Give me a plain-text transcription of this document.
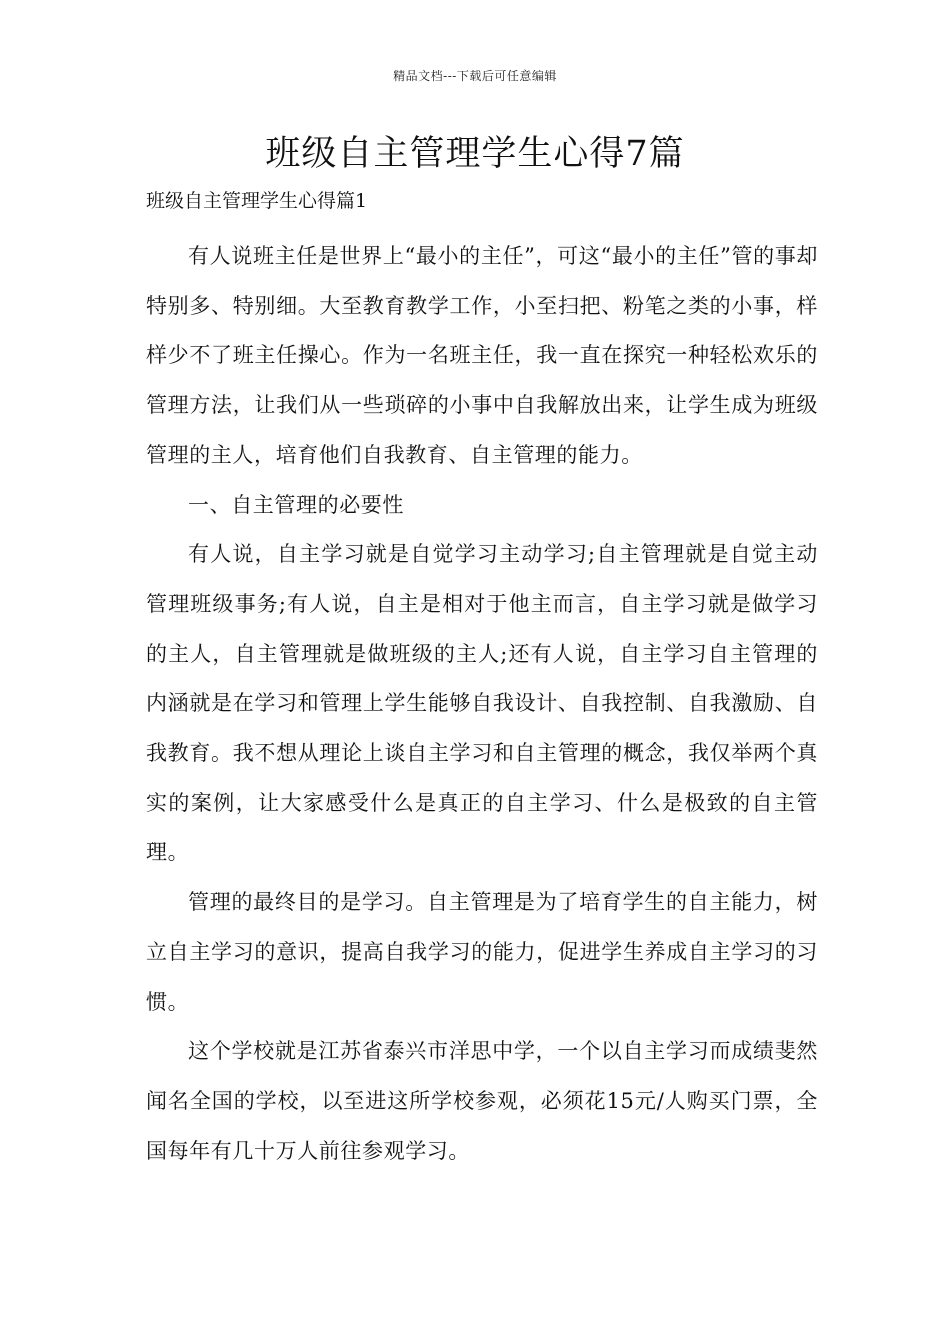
精品文档---下载后可任意编辑
班级自主管理学生心得7篇

班级自主管理学生心得篇1

有人说班主任是世界上“最小的主任”，可这“最小的主任”管的事却特别多、特别细。大至教育教学工作，小至扫把、粉笔之类的小事，样样少不了班主任操心。作为一名班主任，我一直在探究一种轻松欢乐的管理方法，让我们从一些琐碎的小事中自我解放出来，让学生成为班级管理的主人，培育他们自我教育、自主管理的能力。

一、自主管理的必要性

有人说，自主学习就是自觉学习主动学习;自主管理就是自觉主动管理班级事务;有人说，自主是相对于他主而言，自主学习就是做学习的主人，自主管理就是做班级的主人;还有人说，自主学习自主管理的内涵就是在学习和管理上学生能够自我设计、自我控制、自我激励、自我教育。我不想从理论上谈自主学习和自主管理的概念，我仅举两个真实的案例，让大家感受什么是真正的自主学习、什么是极致的自主管理。

管理的最终目的是学习。自主管理是为了培育学生的自主能力，树立自主学习的意识，提高自我学习的能力，促进学生养成自主学习的习惯。

这个学校就是江苏省泰兴市洋思中学，一个以自主学习而成绩斐然闻名全国的学校，以至进这所学校参观，必须花15元/人购买门票，全国每年有几十万人前往参观学习。
